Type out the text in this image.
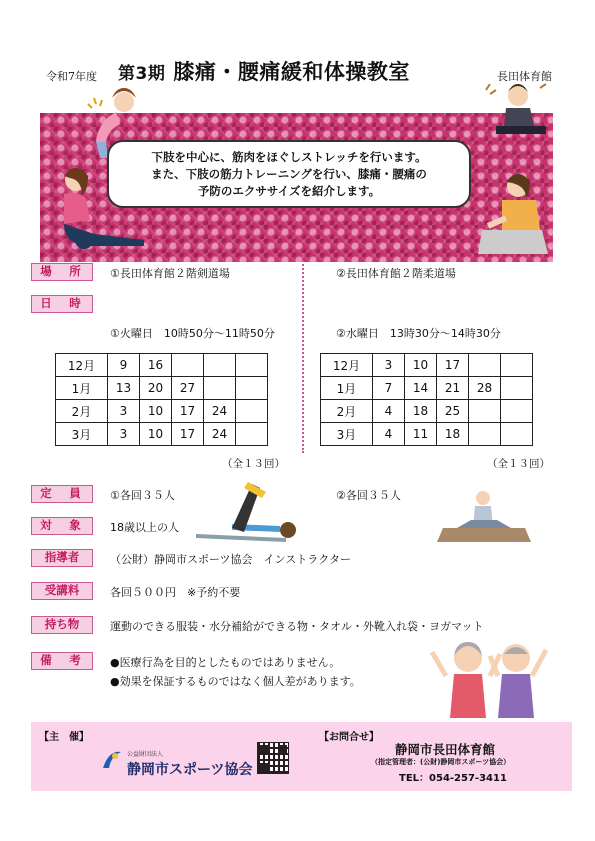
令和7年度 第3期 膝痛・腰痛緩和体操教室	長田体育館
下肢を中心に、筋肉をほぐしストレッチを行います。
また、下肢の筋力トレーニングを行い、膝痛・腰痛の
予防のエクササイズを紹介します。
場　所	①長田体育館２階剣道場	②長田体育館２階柔道場
日　時
①火曜日　10時50分～11時50分	②水曜日　13時30分～14時30分
12月	9	16			
1月	13	20	27		
2月	3	10	17	24	
3月	3	10	17	24	
（全１３回）
12月	3	10	17		
1月	7	14	21	28	
2月	4	18	25		
3月	4	11	18		
（全１３回）
定　員	①各回３５人	②各回３５人
対　象	18歳以上の人
指導者	（公財）静岡市スポーツ協会　インストラクター
受講料	各回５００円　※予約不要
持ち物	運動のできる服装・水分補給ができる物・タオル・外靴入れ袋・ヨガマット
備　考	●医療行為を目的としたものではありません。
●効果を保証するものではなく個人差があります。
【主　催】
公益財団法人
静岡市スポーツ協会
【お問合せ】
静岡市長田体育館
（指定管理者：(公財)静岡市スポーツ協会）
TEL：054-257-3411
